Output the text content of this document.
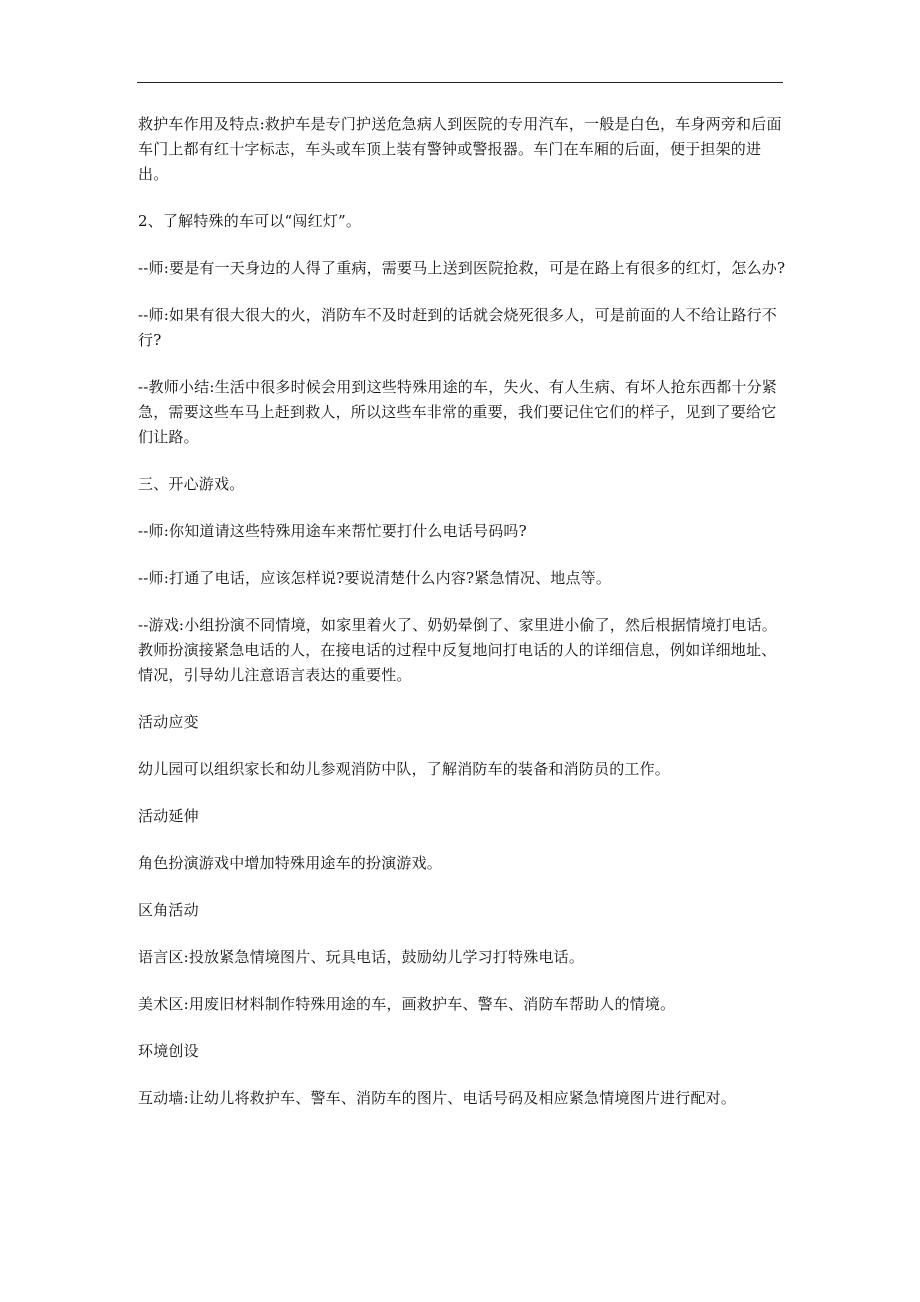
救护车作用及特点:救护车是专门护送危急病人到医院的专用汽车，一般是白色，车身两旁和后面车门上都有红十字标志，车头或车顶上装有警钟或警报器。车门在车厢的后面，便于担架的进出。

2、了解特殊的车可以“闯红灯”。

--师:要是有一天身边的人得了重病，需要马上送到医院抢救，可是在路上有很多的红灯，怎么办?

--师:如果有很大很大的火，消防车不及时赶到的话就会烧死很多人，可是前面的人不给让路行不行?

--教师小结:生活中很多时候会用到这些特殊用途的车，失火、有人生病、有坏人抢东西都十分紧急，需要这些车马上赶到救人，所以这些车非常的重要，我们要记住它们的样子，见到了要给它们让路。

三、开心游戏。

--师:你知道请这些特殊用途车来帮忙要打什么电话号码吗?

--师:打通了电话，应该怎样说?要说清楚什么内容?紧急情况、地点等。

--游戏:小组扮演不同情境，如家里着火了、奶奶晕倒了、家里进小偷了，然后根据情境打电话。教师扮演接紧急电话的人，在接电话的过程中反复地问打电话的人的详细信息，例如详细地址、情况，引导幼儿注意语言表达的重要性。

活动应变

幼儿园可以组织家长和幼儿参观消防中队，了解消防车的装备和消防员的工作。

活动延伸

角色扮演游戏中增加特殊用途车的扮演游戏。

区角活动

语言区:投放紧急情境图片、玩具电话，鼓励幼儿学习打特殊电话。

美术区:用废旧材料制作特殊用途的车，画救护车、警车、消防车帮助人的情境。

环境创设

互动墙:让幼儿将救护车、警车、消防车的图片、电话号码及相应紧急情境图片进行配对。
